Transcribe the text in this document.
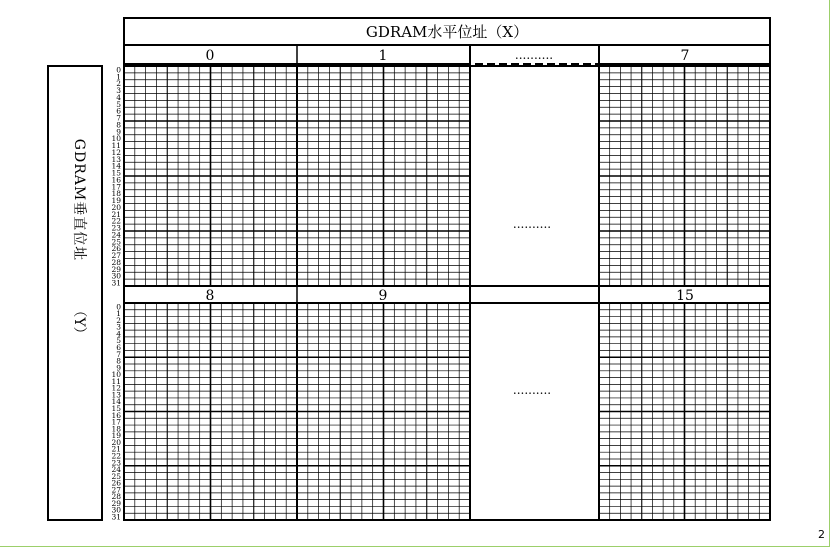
GDRAM水平位址（X）
0	1	..........	7
GDRAM垂直位址
（Y）
0
1
2
3
4
5
6
7
8
9
10
11
12
13
14
15
16
17
18
19
20
21
22
23
24
25
26
27
28
29
30
31
0
1
2
3
4
5
6
7
8
9
10
11
12
13
14
15
16
17
18
19
20
21
22
23
24
25
26
27
28
29
30
31
8	9	15
..........
..........
2
